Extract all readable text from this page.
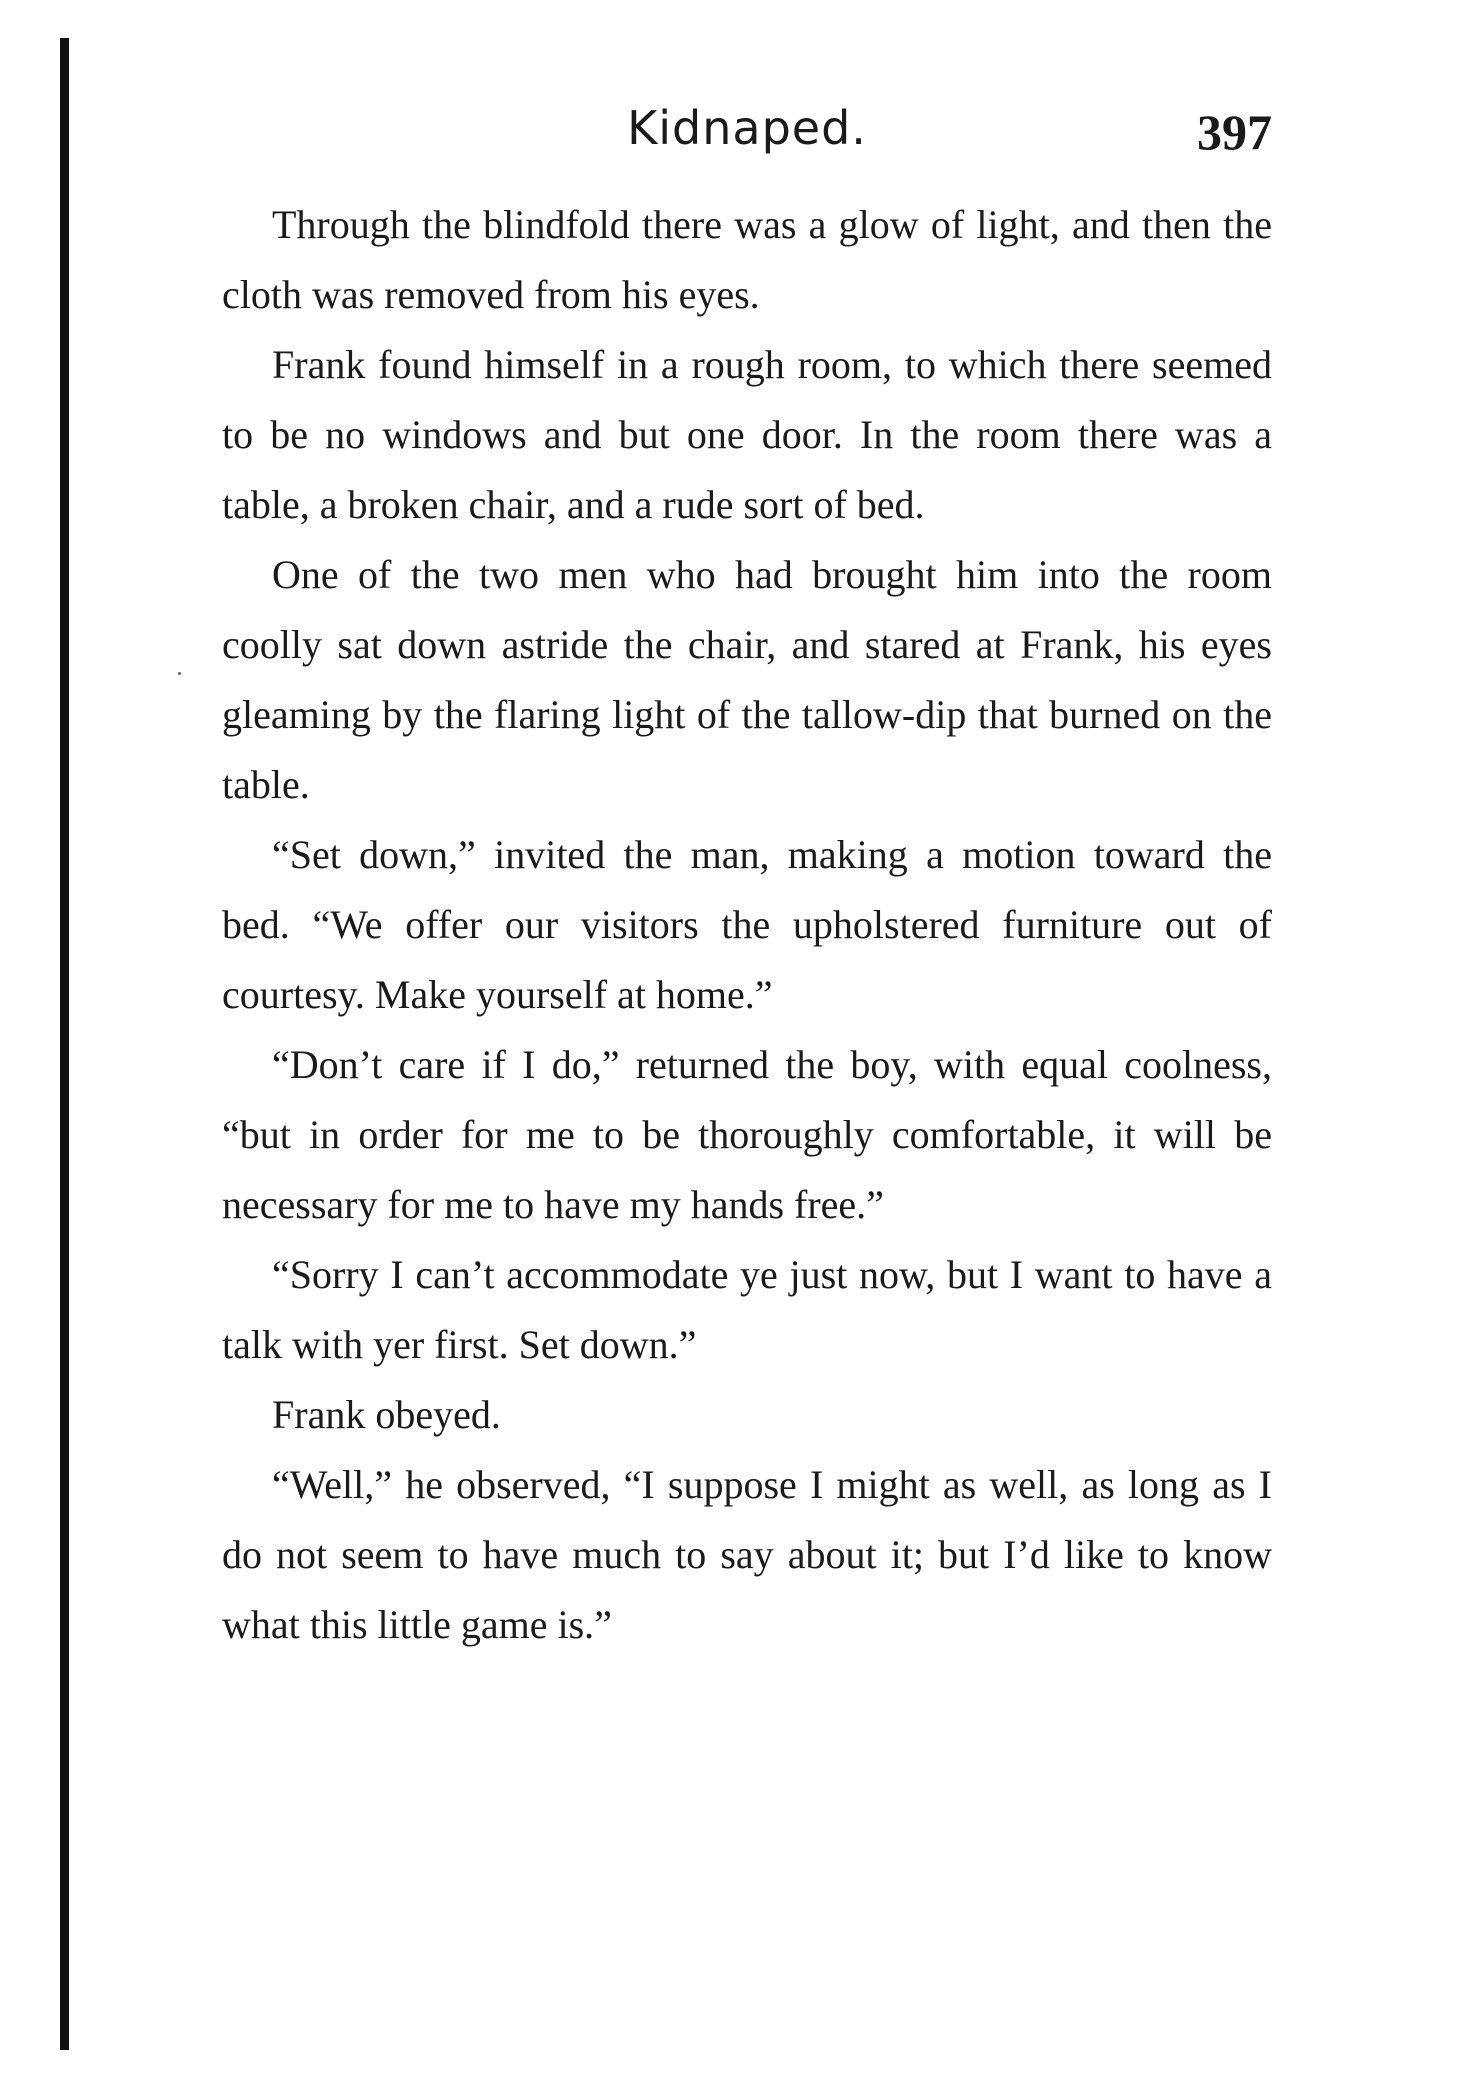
Kidnaped.	397

Through the blindfold there was a glow of light, and then the cloth was removed from his eyes.

Frank found himself in a rough room, to which there seemed to be no windows and but one door. In the room there was a table, a broken chair, and a rude sort of bed.

One of the two men who had brought him into the room coolly sat down astride the chair, and stared at Frank, his eyes gleaming by the flaring light of the tallow-dip that burned on the table.

“Set down,” invited the man, making a motion toward the bed. “We offer our visitors the upholstered furniture out of courtesy. Make yourself at home.”

“Don’t care if I do,” returned the boy, with equal coolness, “but in order for me to be thoroughly comfortable, it will be necessary for me to have my hands free.”

“Sorry I can’t accommodate ye just now, but I want to have a talk with yer first. Set down.”

Frank obeyed.

“Well,” he observed, “I suppose I might as well, as long as I do not seem to have much to say about it; but I’d like to know what this little game is.”
